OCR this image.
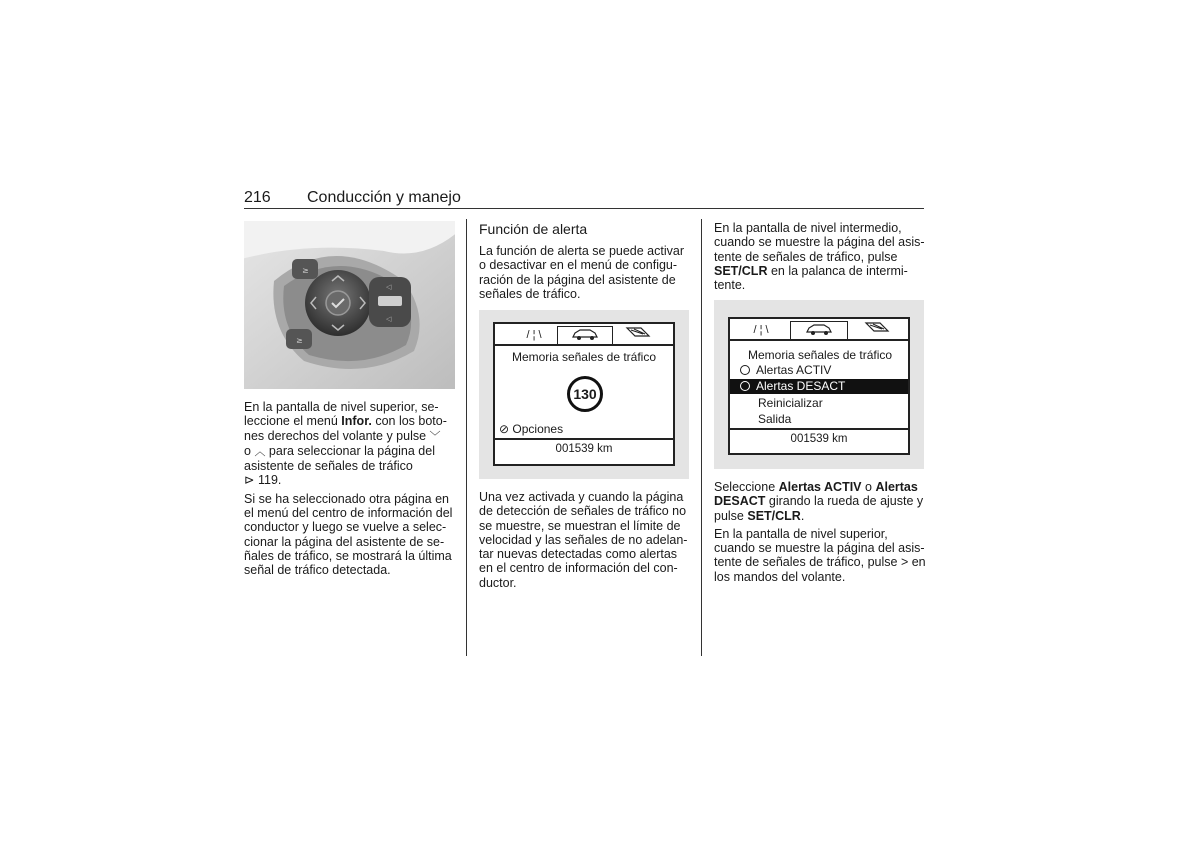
216 Conducción y manejo
≥
≥
◁
◁

En la pantalla de nivel superior, se‐
leccione el menú Infor. con los boto‐
nes derechos del volante y pulse ﹀
o ︿ para seleccionar la página del
asistente de señales de tráfico
⊳ 119.

Si se ha seleccionado otra página en
el menú del centro de información del
conductor y luego se vuelve a selec‐
cionar la página del asistente de se‐
ñales de tráfico, se mostrará la última
señal de tráfico detectada.

Función de alerta

La función de alerta se puede activar
o desactivar en el menú de configu‐
ración de la página del asistente de
señales de tráfico.

/ ¦ \
Memoria señales de tráfico
130
⊘ Opciones
001539 km

Una vez activada y cuando la página
de detección de señales de tráfico no
se muestre, se muestran el límite de
velocidad y las señales de no adelan‐
tar nuevas detectadas como alertas
en el centro de información del con‐
ductor.

En la pantalla de nivel intermedio,
cuando se muestre la página del asis‐
tente de señales de tráfico, pulse
SET/CLR en la palanca de intermi‐
tente.

/ ¦ \
Memoria señales de tráfico
Alertas ACTIV
Alertas DESACT
Reinicializar
Salida
001539 km

Seleccione Alertas ACTIV o Alertas
DESACT girando la rueda de ajuste y
pulse SET/CLR.

En la pantalla de nivel superior,
cuando se muestre la página del asis‐
tente de señales de tráfico, pulse > en
los mandos del volante.
